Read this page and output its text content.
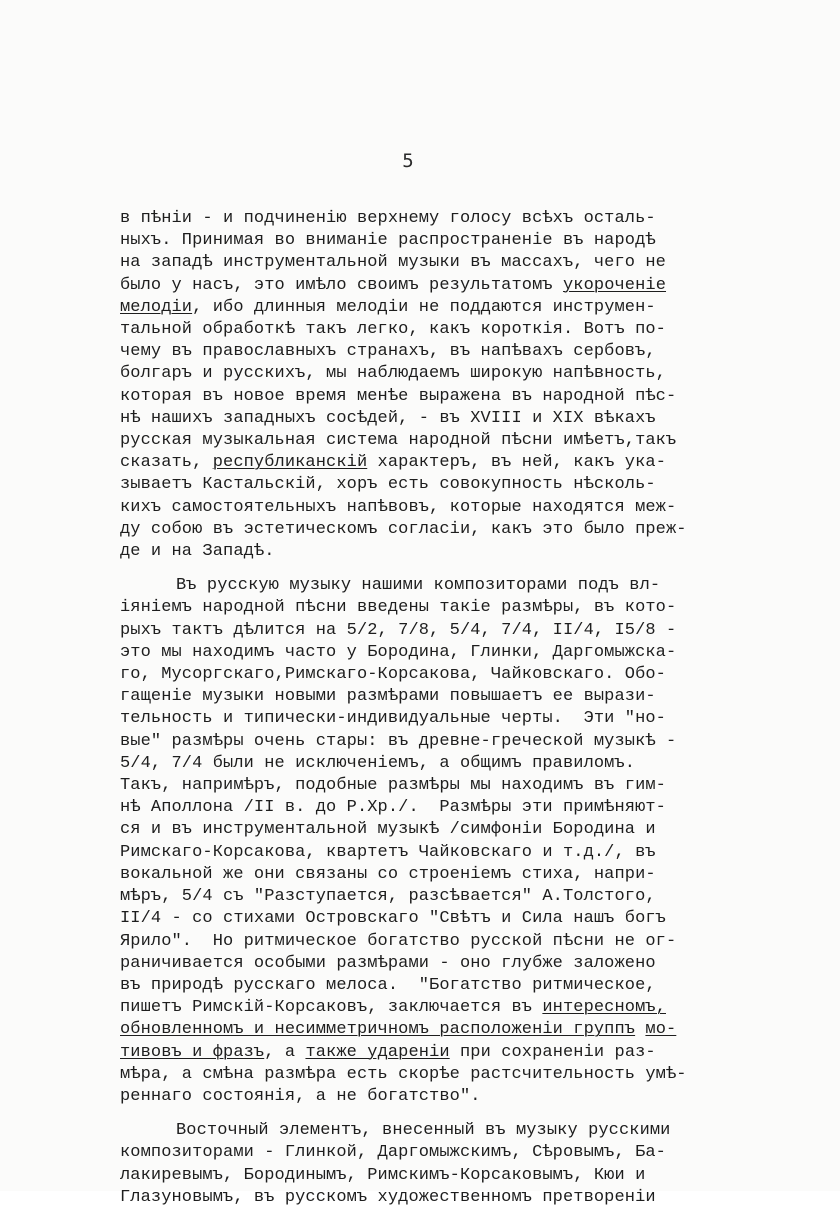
5
в пѣніи - и подчиненію верхнему голосу всѣхъ осталь-
ныхъ. Принимая во вниманіе распространеніе въ народѣ
на западѣ инструментальной музыки въ массахъ, чего не
было у насъ, это имѣло своимъ результатомъ укороченіе
мелодіи, ибо длинныя мелодіи не поддаются инструмен-
тальной обработкѣ такъ легко, какъ короткія. Вотъ по-
чему въ православныхъ странахъ, въ напѣвахъ сербовъ,
болгаръ и русскихъ, мы наблюдаемъ широкую напѣвность,
которая въ новое время менѣе выражена въ народной пѣс-
нѣ нашихъ западныхъ сосѣдей, - въ ХVIII и ХIХ вѣкахъ
русская музыкальная система народной пѣсни имѣетъ,такъ
сказать, республиканскій характеръ, въ ней, какъ ука-
зываетъ Кастальскій, хоръ есть совокупность нѣсколь-
кихъ самостоятельныхъ напѣвовъ, которые находятся меж-
ду собою въ эстетическомъ согласіи, какъ это было преж-
де и на Западѣ.
Въ русскую музыку нашими композиторами подъ вл-
іяніемъ народной пѣсни введены такіе размѣры, въ кото-
рыхъ тактъ дѣлится на 5/2, 7/8, 5/4, 7/4, II/4, I5/8 -
это мы находимъ часто у Бородина, Глинки, Даргомыжска-
го, Мусоргскаго,Римскаго-Корсакова, Чайковскаго. Обо-
гащеніе музыки новыми размѣрами повышаетъ ее вырази-
тельность и типически-индивидуальные черты.  Эти "но-
вые" размѣры очень стары: въ древне-греческой музыкѣ -
5/4, 7/4 были не исключеніемъ, а общимъ правиломъ.
Такъ, напримѣръ, подобные размѣры мы находимъ въ гим-
нѣ Аполлона /II в. до Р.Хр./.  Размѣры эти примѣняют-
ся и въ инструментальной музыкѣ /симфоніи Бородина и
Римскаго-Корсакова, квартетъ Чайковскаго и т.д./, въ
вокальной же они связаны со строеніемъ стиха, напри-
мѣръ, 5/4 съ "Разступается, разсѣвается" А.Толстого,
II/4 - со стихами Островскаго "Свѣтъ и Сила нашъ богъ
Ярило".  Но ритмическое богатство русской пѣсни не ог-
раничивается особыми размѣрами - оно глубже заложено
въ природѣ русскаго мелоса.  "Богатство ритмическое,
пишетъ Римскій-Корсаковъ, заключается въ интересномъ,
обновленномъ и несимметричномъ расположеніи группъ мо-
тивовъ и фразъ, а также удареніи при сохраненіи раз-
мѣра, а смѣна размѣра есть скорѣе растсчительность умѣ-
реннаго состоянія, а не богатство".
Восточный элементъ, внесенный въ музыку русскими
композиторами - Глинкой, Даргомыжскимъ, Сѣровымъ, Ба-
лакиревымъ, Бородинымъ, Римскимъ-Корсаковымъ, Кюи и
Глазуновымъ, въ русскомъ художественномъ претвореніи
